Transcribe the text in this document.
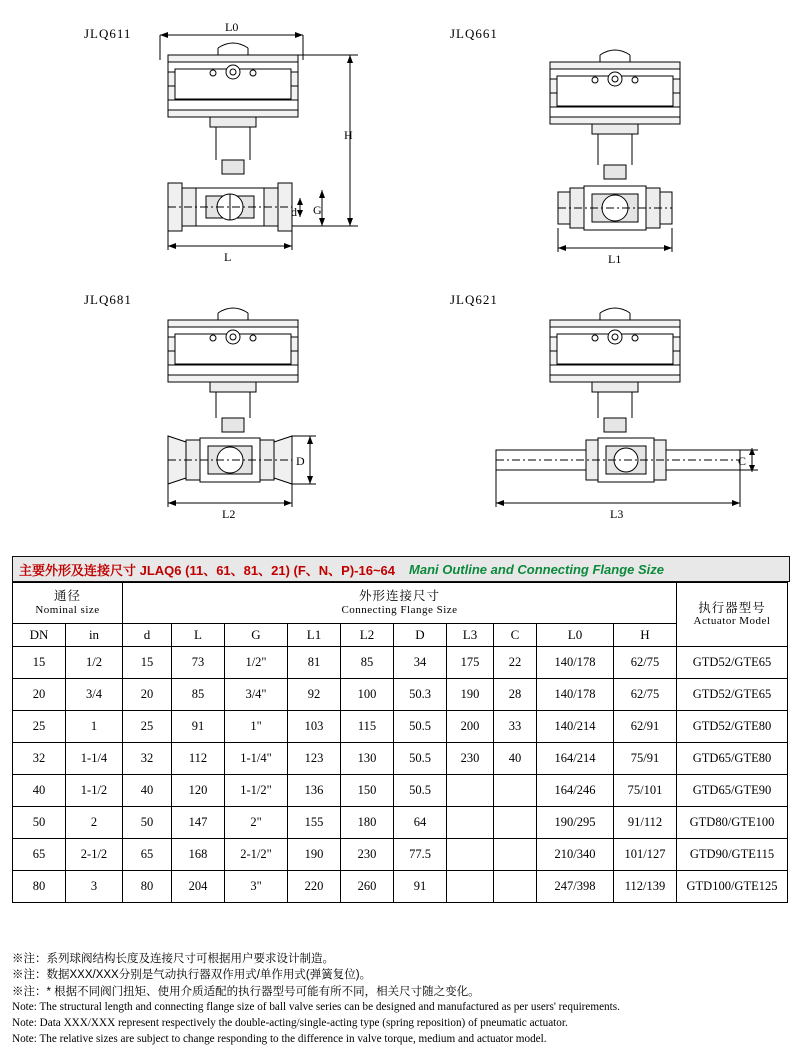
JLQ611	L0
H
d G
L
JLQ661
L1
JLQ681
D
L2
JLQ621
C
L3
主要外形及连接尺寸 JLAQ6 (11、61、81、21) (F、N、P)-16~64	Mani Outline and Connecting Flange Size
通径
Nominal size

外形连接尺寸
Connecting Flange Size	执行器型号
Actuator Model

DN	in	d	L	G	L1	L2	D	L3	C	L0	H	
15	1/2	15	73	1/2"	81	85	34	175	22	140/178	62/75	GTD52/GTE65
20	3/4	20	85	3/4"	92	100	50.3	190	28	140/178	62/75	GTD52/GTE65
25	1	25	91	1"	103	115	50.5	200	33	140/214	62/91	GTD52/GTE80
32	1-1/4	32	112	1-1/4"	123	130	50.5	230	40	164/214	75/91	GTD65/GTE80
40	1-1/2	40	120	1-1/2"	136	150	50.5			164/246	75/101	GTD65/GTE90
50	2	50	147	2"	155	180	64			190/295	91/112	GTD80/GTE100
65	2-1/2	65	168	2-1/2"	190	230	77.5			210/340	101/127	GTD90/GTE115
80	3	80	204	3"	220	260	91			247/398	112/139	GTD100/GTE125
※注：系列球阀结构长度及连接尺寸可根据用户要求设计制造。
※注：数据XXX/XXX分别是气动执行器双作用式/单作用式(弹簧复位)。
※注：* 根据不同阀门扭矩、使用介质适配的执行器型号可能有所不同，相关尺寸随之变化。
Note: The structural length and connecting flange size of ball valve series can be designed and manufactured as per users' requirements.
Note: Data XXX/XXX represent respectively the double-acting/single-acting type (spring reposition) of pneumatic actuator.
Note: The relative sizes are subject to change responding to the difference in valve torque, medium and actuator model.
